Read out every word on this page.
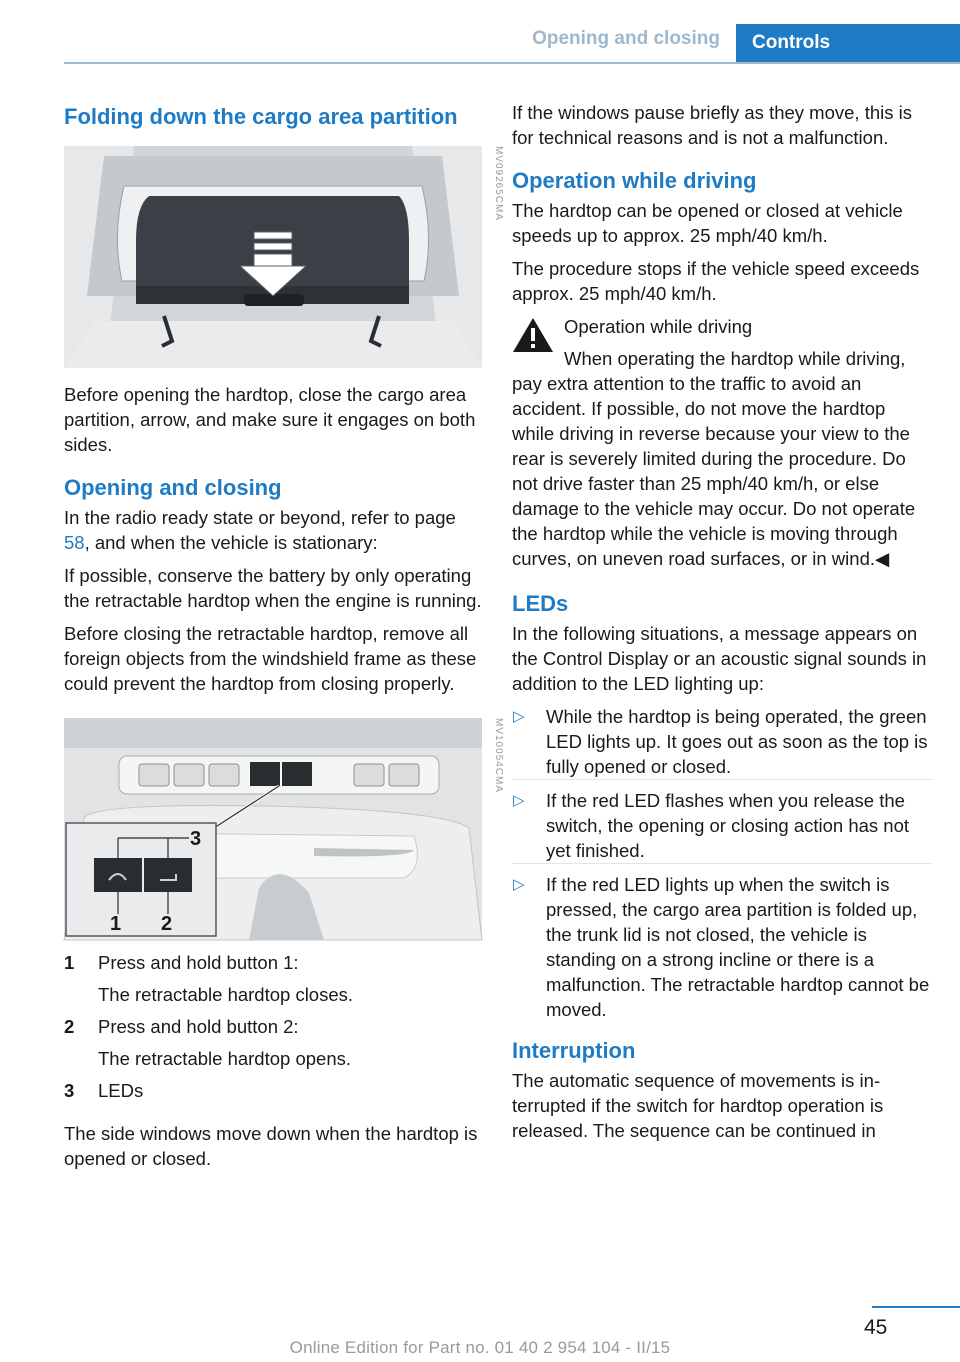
Opening and closing	Controls
Folding down the cargo area partition
MV09265CMA

Before opening the hardtop, close the cargo area partition, arrow, and make sure it engages on both sides.

Opening and closing

In the radio ready state or beyond, refer to page 58, and when the vehicle is stationary:

If possible, conserve the battery by only operating the retractable hardtop when the engine is running.

Before closing the retractable hardtop, remove all foreign objects from the windshield frame as these could prevent the hardtop from closing properly.

3
1 2
MV10054CMA
1 Press and hold button 1:
The retractable hardtop closes.
2 Press and hold button 2:
The retractable hardtop opens.
3 LEDs

The side windows move down when the hardtop is opened or closed.

If the windows pause briefly as they move, this is for technical reasons and is not a malfunction.

Operation while driving

The hardtop can be opened or closed at vehicle speeds up to approx. 25 mph/40 km/h.

The procedure stops if the vehicle speed exceeds approx. 25 mph/40 km/h.

Operation while driving
When operating the hardtop while driving, pay extra attention to the traffic to avoid an accident. If possible, do not move the hardtop while driving in reverse because your view to the rear is severely limited during the procedure. Do not drive faster than 25 mph/40 km/h, or else damage to the vehicle may occur. Do not operate the hardtop while the vehicle is moving through curves, on uneven road surfaces, or in wind.◀
LEDs

In the following situations, a message appears on the Control Display or an acoustic signal sounds in addition to the LED lighting up:

▷ While the hardtop is being operated, the green LED lights up. It goes out as soon as the top is fully opened or closed.
▷ If the red LED flashes when you release the switch, the opening or closing action has not yet finished.
▷ If the red LED lights up when the switch is pressed, the cargo area partition is folded up, the trunk lid is not closed, the vehicle is standing on a strong incline or there is a malfunction. The retractable hardtop cannot be moved.
Interruption

The automatic sequence of movements is interrupted if the switch for hardtop operation is released. The sequence can be continued in

45
Online Edition for Part no. 01 40 2 954 104 - II/15
